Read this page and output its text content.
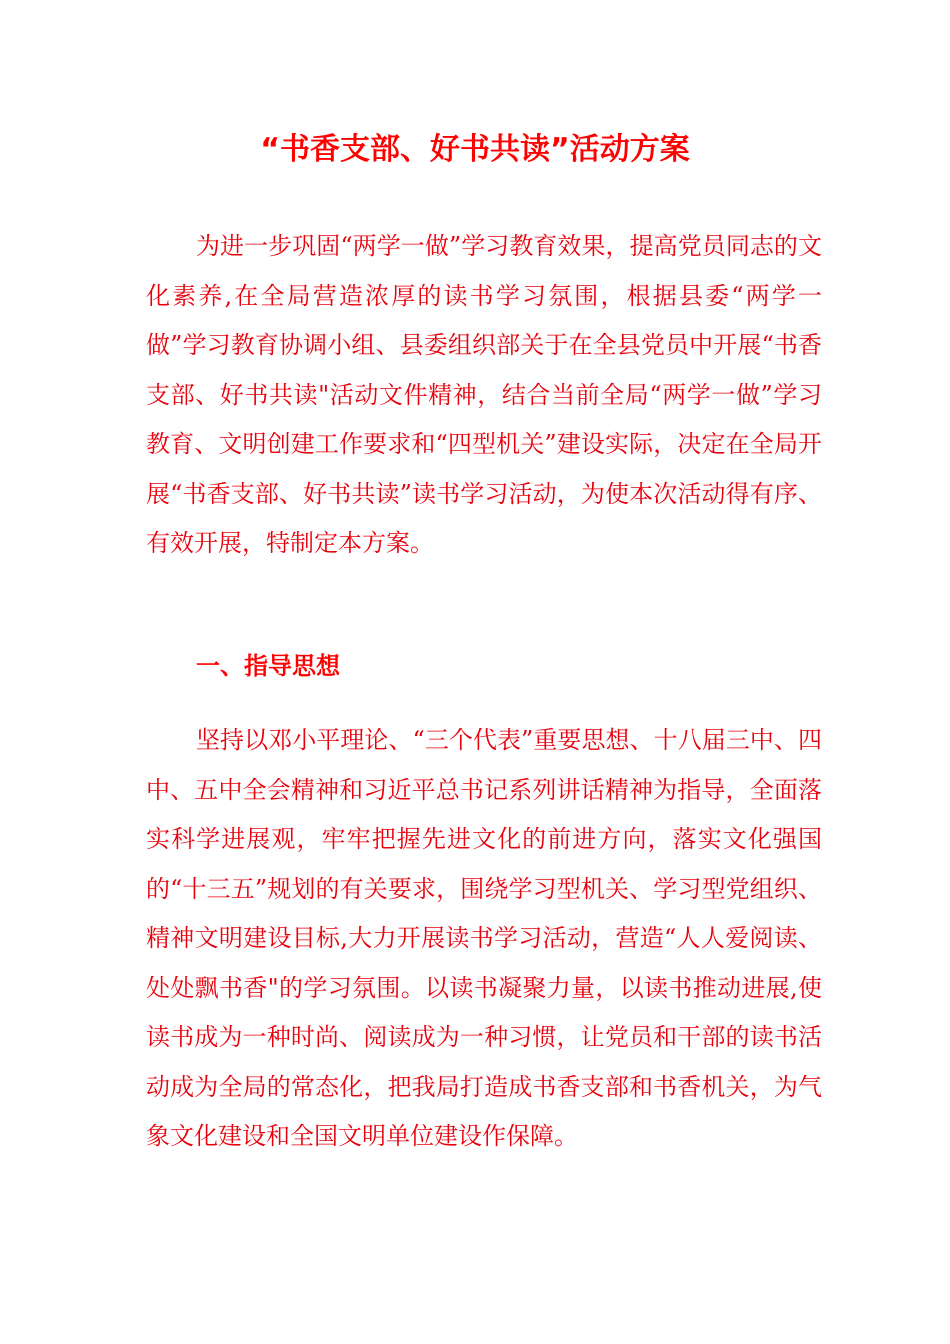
“书香支部、好书共读”活动方案

为进一步巩固“两学一做”学习教育效果，提高党员同志的文化素养,在全局营造浓厚的读书学习氛围，根据县委“两学一做”学习教育协调小组、县委组织部关于在全县党员中开展“书香支部、好书共读"活动文件精神，结合当前全局“两学一做”学习教育、文明创建工作要求和“四型机关”建设实际，决定在全局开展“书香支部、好书共读”读书学习活动，为使本次活动得有序、有效开展，特制定本方案。

一、指导思想

坚持以邓小平理论、“三个代表”重要思想、十八届三中、四中、五中全会精神和习近平总书记系列讲话精神为指导，全面落实科学进展观，牢牢把握先进文化的前进方向，落实文化强国的“十三五”规划的有关要求，围绕学习型机关、学习型党组织、精神文明建设目标,大力开展读书学习活动，营造“人人爱阅读、处处飘书香"的学习氛围。以读书凝聚力量，以读书推动进展,使读书成为一种时尚、阅读成为一种习惯，让党员和干部的读书活动成为全局的常态化，把我局打造成书香支部和书香机关，为气象文化建设和全国文明单位建设作保障。
